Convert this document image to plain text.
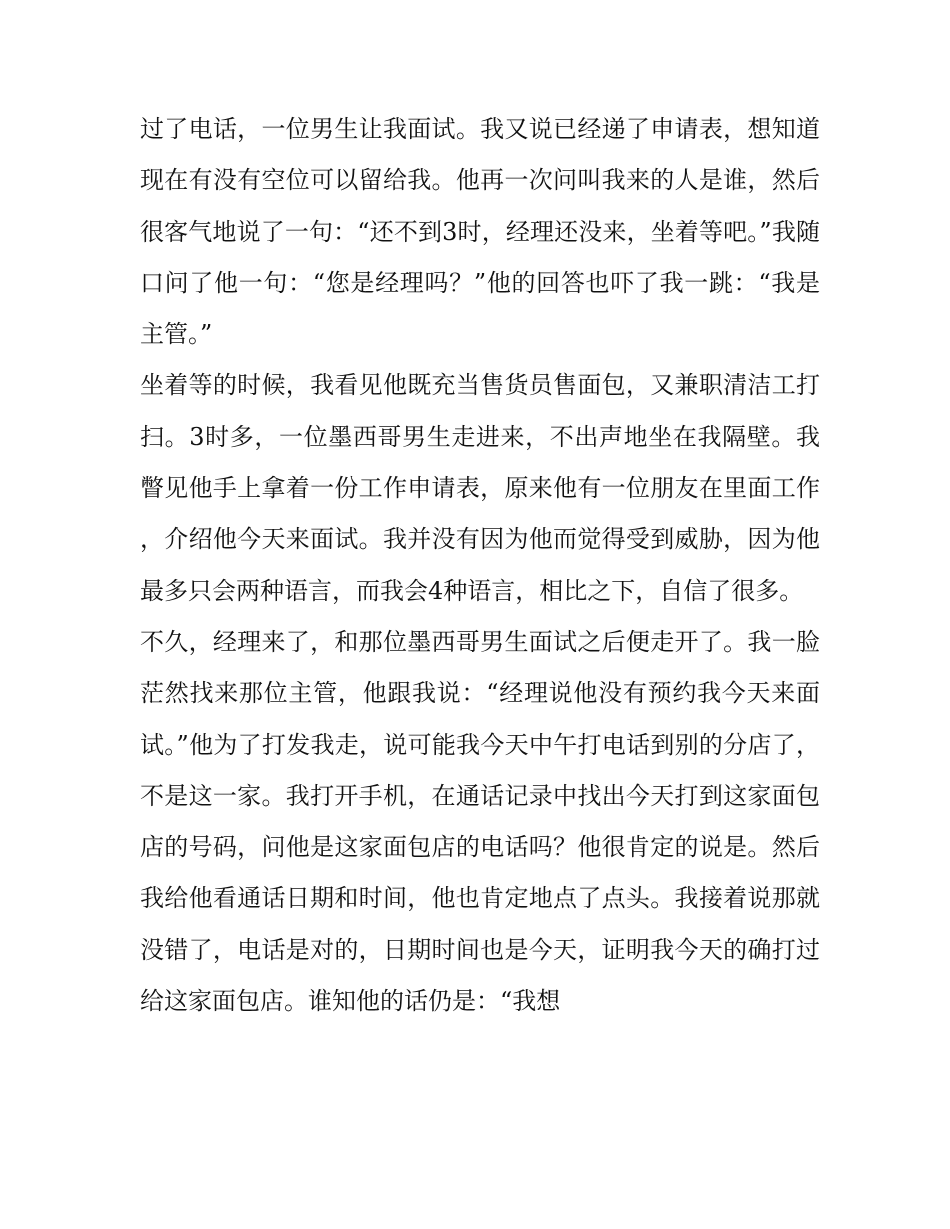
过了电话，一位男生让我面试。我又说已经递了申请表，想知道现在有没有空位可以留给我。他再一次问叫我来的人是谁，然后很客气地说了一句：“还不到3时，经理还没来，坐着等吧。”我随口问了他一句：“您是经理吗？”他的回答也吓了我一跳：“我是主管。”

坐着等的时候，我看见他既充当售货员售面包，又兼职清洁工打扫。3时多，一位墨西哥男生走进来，不出声地坐在我隔壁。我瞥见他手上拿着一份工作申请表，原来他有一位朋友在里面工作，介绍他今天来面试。我并没有因为他而觉得受到威胁，因为他最多只会两种语言，而我会4种语言，相比之下，自信了很多。

不久，经理来了，和那位墨西哥男生面试之后便走开了。我一脸茫然找来那位主管，他跟我说：“经理说他没有预约我今天来面试。”他为了打发我走，说可能我今天中午打电话到别的分店了，不是这一家。我打开手机，在通话记录中找出今天打到这家面包店的号码，问他是这家面包店的电话吗？他很肯定的说是。然后我给他看通话日期和时间，他也肯定地点了点头。我接着说那就没错了，电话是对的，日期时间也是今天，证明我今天的确打过给这家面包店。谁知他的话仍是：“我想
